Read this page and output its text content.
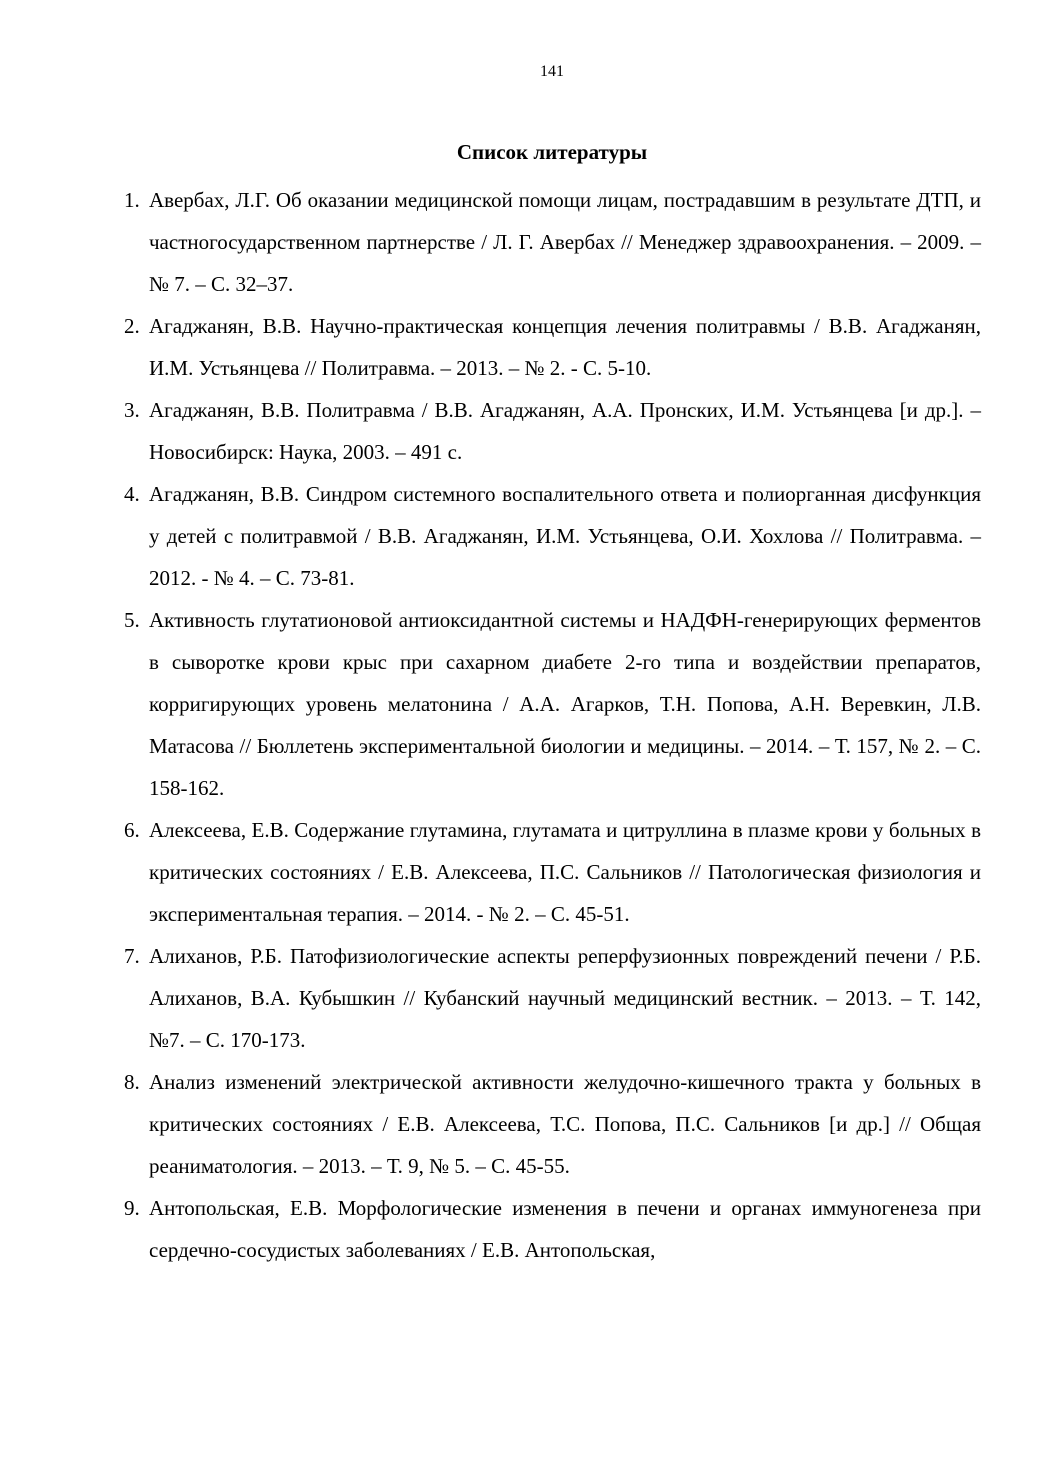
141
Список литературы
1. Авербах, Л.Г. Об оказании медицинской помощи лицам, пострадавшим в результате ДТП, и частногосударственном партнерстве / Л. Г. Авербах // Менеджер здравоохранения. – 2009. – № 7. – С. 32–37.
2. Агаджанян, В.В. Научно-практическая концепция лечения политравмы / В.В. Агаджанян, И.М. Устьянцева // Политравма. – 2013. – № 2. - С. 5-10.
3. Агаджанян, В.В. Политравма / В.В. Агаджанян, А.А. Пронских, И.М. Устьянцева [и др.]. – Новосибирск: Наука, 2003. – 491 с.
4. Агаджанян, В.В. Синдром системного воспалительного ответа и полиорганная дисфункция у детей с политравмой / В.В. Агаджанян, И.М. Устьянцева, О.И. Хохлова // Политравма. – 2012. - № 4. – С. 73-81.
5. Активность глутатионовой антиоксидантной системы и НАДФН-генерирующих ферментов в сыворотке крови крыс при сахарном диабете 2-го типа и воздействии препаратов, корригирующих уровень мелатонина / А.А. Агарков, Т.Н. Попова, А.Н. Веревкин, Л.В. Матасова // Бюллетень экспериментальной биологии и медицины. – 2014. – Т. 157, № 2. – С. 158-162.
6. Алексеева, Е.В. Содержание глутамина, глутамата и цитруллина в плазме крови у больных в критических состояниях / Е.В. Алексеева, П.С. Сальников // Патологическая физиология и экспериментальная терапия. – 2014. - № 2. – С. 45-51.
7. Алиханов, Р.Б. Патофизиологические аспекты реперфузионных повреждений печени / Р.Б. Алиханов, В.А. Кубышкин // Кубанский научный медицинский вестник. – 2013. – Т. 142, №7. – С. 170-173.
8. Анализ изменений электрической активности желудочно-кишечного тракта у больных в критических состояниях / Е.В. Алексеева, Т.С. Попова, П.С. Сальников [и др.] // Общая реаниматология. – 2013. – Т. 9, № 5. – С. 45-55.
9. Антопольская, Е.В. Морфологические изменения в печени и органах иммуногенеза при сердечно-сосудистых заболеваниях / Е.В. Антопольская,
